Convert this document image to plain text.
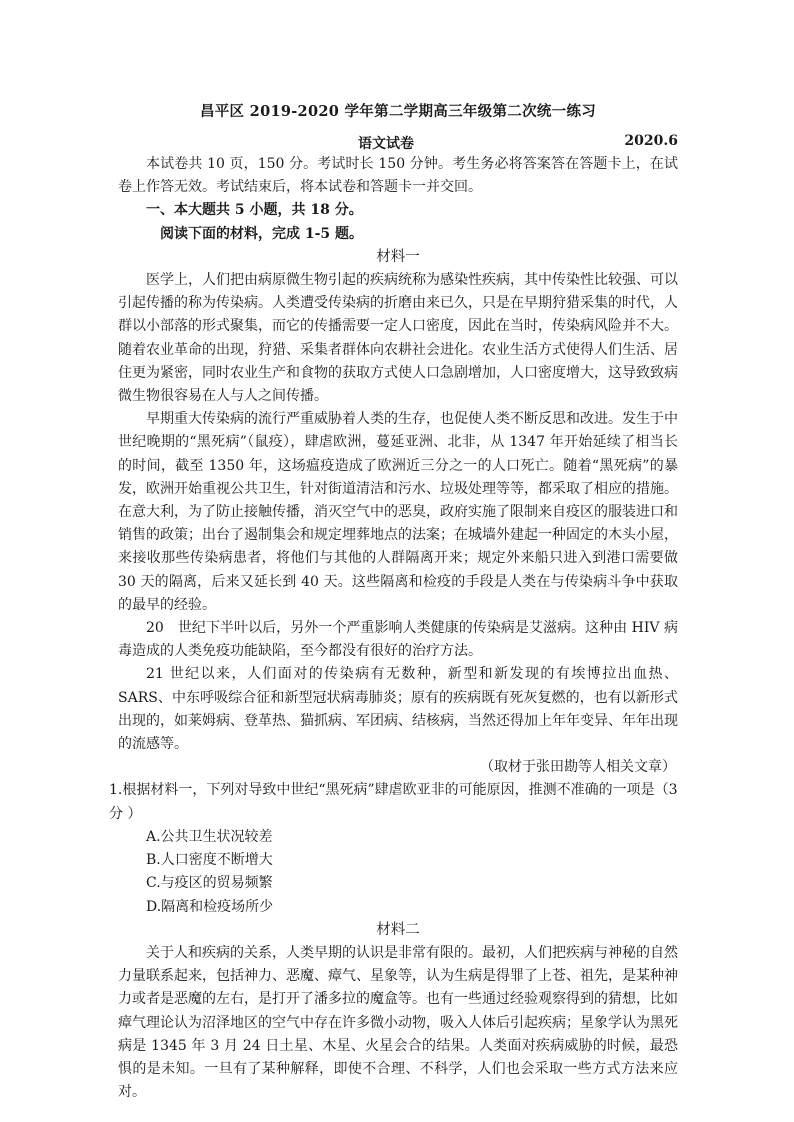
昌平区 2019-2020 学年第二学期高三年级第二次统一练习
语文试卷	2020.6

本试卷共 10 页，150 分。考试时长 150 分钟。考生务必将答案答在答题卡上，在试卷上作答无效。考试结束后，将本试卷和答题卡一并交回。

一、本大题共 5 小题，共 18 分。
阅读下面的材料，完成 1-5 题。
材料一

医学上，人们把由病原微生物引起的疾病统称为感染性疾病，其中传染性比较强、可以引起传播的称为传染病。人类遭受传染病的折磨由来已久，只是在早期狩猎采集的时代，人群以小部落的形式聚集，而它的传播需要一定人口密度，因此在当时，传染病风险并不大。随着农业革命的出现，狩猎、采集者群体向农耕社会进化。农业生活方式使得人们生活、居住更为紧密，同时农业生产和食物的获取方式使人口急剧增加，人口密度增大，这导致致病微生物很容易在人与人之间传播。

早期重大传染病的流行严重威胁着人类的生存，也促使人类不断反思和改进。发生于中世纪晚期的“黑死病”（鼠疫），肆虐欧洲，蔓延亚洲、北非，从 1347 年开始延续了相当长的时间，截至 1350 年，这场瘟疫造成了欧洲近三分之一的人口死亡。随着“黑死病”的暴发，欧洲开始重视公共卫生，针对街道清洁和污水、垃圾处理等等，都采取了相应的措施。在意大利，为了防止接触传播，消灭空气中的恶臭，政府实施了限制来自疫区的服装进口和销售的政策；出台了遏制集会和规定埋葬地点的法案；在城墙外建起一种固定的木头小屋，来接收那些传染病患者，将他们与其他的人群隔离开来；规定外来船只进入到港口需要做 30 天的隔离，后来又延长到 40 天。这些隔离和检疫的手段是人类在与传染病斗争中获取的最早的经验。

20　世纪下半叶以后，另外一个严重影响人类健康的传染病是艾滋病。这种由 HIV 病毒造成的人类免疫功能缺陷，至今都没有很好的治疗方法。

21 世纪以来，人们面对的传染病有无数种，新型和新发现的有埃博拉出血热、SARS、中东呼吸综合征和新型冠状病毒肺炎；原有的疾病既有死灰复燃的，也有以新形式出现的，如莱姆病、登革热、猫抓病、军团病、结核病，当然还得加上年年变异、年年出现的流感等。

（取材于张田勘等人相关文章）
1.根据材料一，下列对导致中世纪“黑死病”肆虐欧亚非的可能原因，推测不准确的一项是（3 分 ）
A.公共卫生状况较差
B.人口密度不断增大
C.与疫区的贸易频繁
D.隔离和检疫场所少
材料二

关于人和疾病的关系，人类早期的认识是非常有限的。最初，人们把疾病与神秘的自然力量联系起来，包括神力、恶魔、瘴气、星象等，认为生病是得罪了上苍、祖先，是某种神力或者是恶魔的左右，是打开了潘多拉的魔盒等。也有一些通过经验观察得到的猜想，比如瘴气理论认为沼泽地区的空气中存在许多微小动物，吸入人体后引起疾病；星象学认为黑死病是 1345 年 3 月 24 日土星、木星、火星会合的结果。人类面对疾病威胁的时候，最恐惧的是未知。一旦有了某种解释，即使不合理、不科学，人们也会采取一些方式方法来应对。
